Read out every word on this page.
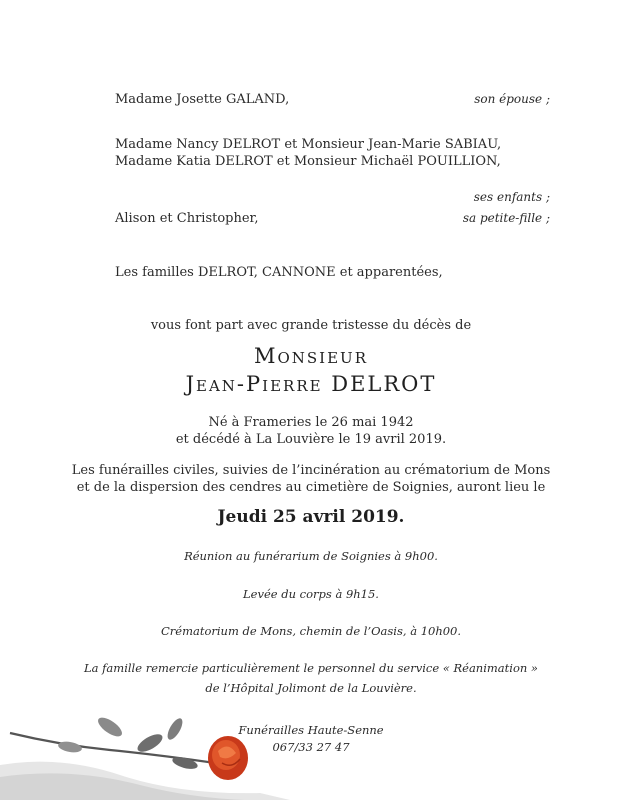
Madame Josette GALAND,	son épouse ;
Madame Nancy DELROT et Monsieur Jean-Marie SABIAU,
Madame Katia DELROT et Monsieur Michaël POUILLION,
ses enfants ;
Alison et Christopher,	sa petite-fille ;
Les familles DELROT, CANNONE et apparentées,
vous font part avec grande tristesse du décès de
Monsieur
Jean-Pierre DELROT
Né à Frameries le 26 mai 1942
et décédé à La Louvière le 19 avril 2019.
Les funérailles civiles, suivies de l’incinération au crématorium de Mons
et de la dispersion des cendres au cimetière de Soignies, auront lieu le
Jeudi 25 avril 2019.
Réunion au funérarium de Soignies à 9h00.
Levée du corps à 9h15.
Crématorium de Mons, chemin de l’Oasis, à 10h00.
La famille remercie particulièrement le personnel du service « Réanimation »
de l’Hôpital Jolimont de la Louvière.
Funérailles Haute-Senne
067/33 27 47
